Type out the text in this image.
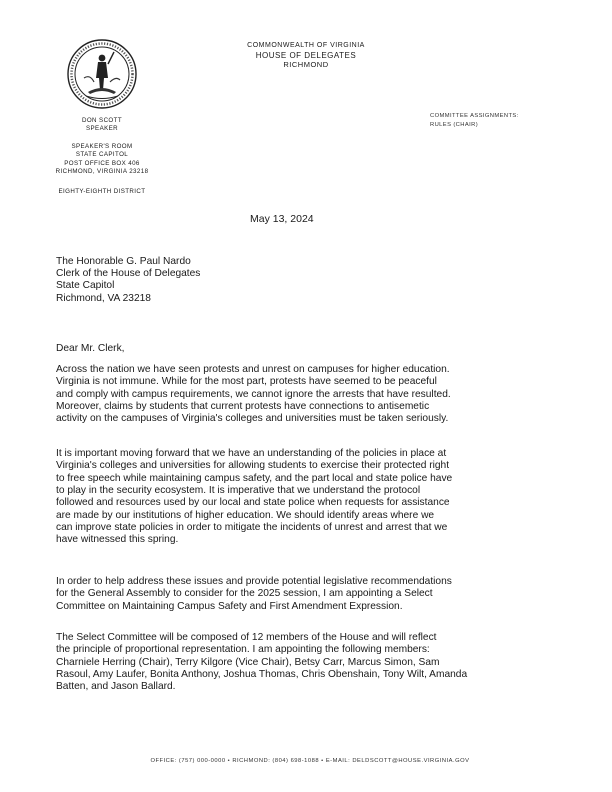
COMMONWEALTH OF VIRGINIA
HOUSE OF DELEGATES
RICHMOND
DON SCOTT
SPEAKER
SPEAKER'S ROOM
STATE CAPITOL
POST OFFICE BOX 406
RICHMOND, VIRGINIA 23218
EIGHTY-EIGHTH DISTRICT
COMMITTEE ASSIGNMENTS:
RULES (CHAIR)
May 13, 2024
The Honorable G. Paul Nardo
Clerk of the House of Delegates
State Capitol
Richmond, VA 23218
Dear Mr. Clerk,
Across the nation we have seen protests and unrest on campuses for higher education.
Virginia is not immune. While for the most part, protests have seemed to be peaceful
and comply with campus requirements, we cannot ignore the arrests that have resulted.
Moreover, claims by students that current protests have connections to antisemetic
activity on the campuses of Virginia's colleges and universities must be taken seriously.
It is important moving forward that we have an understanding of the policies in place at
Virginia's colleges and universities for allowing students to exercise their protected right
to free speech while maintaining campus safety, and the part local and state police have
to play in the security ecosystem. It is imperative that we understand the protocol
followed and resources used by our local and state police when requests for assistance
are made by our institutions of higher education. We should identify areas where we
can improve state policies in order to mitigate the incidents of unrest and arrest that we
have witnessed this spring.
In order to help address these issues and provide potential legislative recommendations
for the General Assembly to consider for the 2025 session, I am appointing a Select
Committee on Maintaining Campus Safety and First Amendment Expression.
The Select Committee will be composed of 12 members of the House and will reflect
the principle of proportional representation. I am appointing the following members:
Charniele Herring (Chair), Terry Kilgore (Vice Chair), Betsy Carr, Marcus Simon, Sam
Rasoul, Amy Laufer, Bonita Anthony, Joshua Thomas, Chris Obenshain, Tony Wilt, Amanda
Batten, and Jason Ballard.
OFFICE: (757) 000-0000 • RICHMOND: (804) 698-1088 • E-MAIL: DELDSCOTT@HOUSE.VIRGINIA.GOV
